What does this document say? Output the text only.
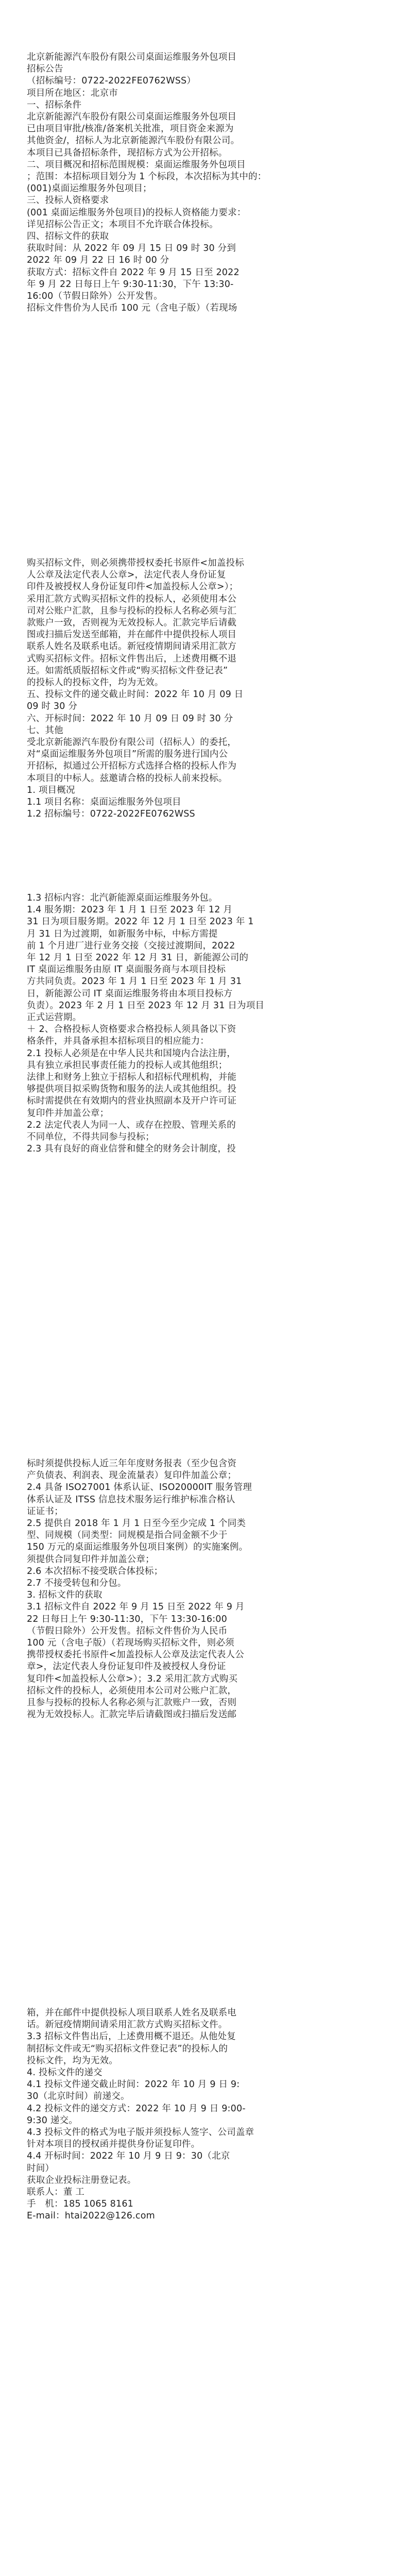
北京新能源汽车股份有限公司桌面运维服务外包项目
招标公告
（招标编号：0722-2022FE0762WSS）
项目所在地区：北京市
一、招标条件
北京新能源汽车股份有限公司桌面运维服务外包项目
已由项目审批/核准/备案机关批准，项目资金来源为
其他资金/，招标人为北京新能源汽车股份有限公司。
本项目已具备招标条件，现招标方式为公开招标。
二、项目概况和招标范围规模：桌面运维服务外包项目
；范围：本招标项目划分为 1 个标段，本次招标为其中的：
(001)桌面运维服务外包项目；
三、投标人资格要求
(001 桌面运维服务外包项目)的投标人资格能力要求：
详见招标公告正文；本项目不允许联合体投标。
四、招标文件的获取
获取时间：从 2022 年 09 月 15 日 09 时 30 分到
2022 年 09 月 22 日 16 时 00 分
获取方式：招标文件自 2022 年 9 月 15 日至 2022
年 9 月 22 日每日上午 9:30-11:30，下午 13:30-
16:00（节假日除外）公开发售。
招标文件售价为人民币 100 元（含电子版）（若现场
购买招标文件，则必须携带授权委托书原件<加盖投标
人公章及法定代表人公章>，法定代表人身份证复
印件及被授权人身份证复印件<加盖投标人公章>）；
采用汇款方式购买招标文件的投标人，必须使用本公
司对公账户汇款，且参与投标的投标人名称必须与汇
款账户一致，否则视为无效投标人。汇款完毕后请截
图或扫描后发送至邮箱，并在邮件中提供投标人项目
联系人姓名及联系电话。新冠疫情期间请采用汇款方
式购买招标文件。招标文件售出后，上述费用概不退
还。如需纸质版招标文件或“购买招标文件登记表”
的投标人的投标文件，均为无效。
五、投标文件的递交截止时间：2022 年 10 月 09 日
09 时 30 分
六、开标时间：2022 年 10 月 09 日 09 时 30 分
七、其他
受北京新能源汽车股份有限公司（招标人）的委托，
对“桌面运维服务外包项目”所需的服务进行国内公
开招标，拟通过公开招标方式选择合格的投标人作为
本项目的中标人。兹邀请合格的投标人前来投标。
1. 项目概况
1.1 项目名称：桌面运维服务外包项目
1.2 招标编号：0722-2022FE0762WSS
1.3 招标内容：北汽新能源桌面运维服务外包。
1.4 服务期：2023 年 1 月 1 日至 2023 年 12 月
31 日为项目服务期。2022 年 12 月 1 日至 2023 年 1
月 31 日为过渡期，如新服务中标，中标方需提
前 1 个月进厂进行业务交接（交接过渡期间，2022
年 12 月 1 日至 2022 年 12 月 31 日，新能源公司的
IT 桌面运维服务由原 IT 桌面服务商与本项目投标
方共同负责。2023 年 1 月 1 日至 2023 年 1 月 31
日，新能源公司 IT 桌面运维服务将由本项目投标方
负责）。2023 年 2 月 1 日至 2023 年 12 月 31 日为项目
正式运营期。
＋ 2、合格投标人资格要求合格投标人须具备以下资
格条件，并具备承担本招标项目的相应能力：
2.1 投标人必须是在中华人民共和国境内合法注册，
具有独立承担民事责任能力的投标人或其他组织；
法律上和财务上独立于招标人和招标代理机构，并能
够提供项目拟采购货物和服务的法人或其他组织。投
标时需提供在有效期内的营业执照副本及开户许可证
复印件并加盖公章；
2.2 法定代表人为同一人、或存在控股、管理关系的
不同单位，不得共同参与投标；
2.3 具有良好的商业信誉和健全的财务会计制度，投
标时须提供投标人近三年年度财务报表（至少包含资
产负债表、利润表、现金流量表）复印件加盖公章；
2.4 具备 ISO27001 体系认证、ISO20000IT 服务管理
体系认证及 ITSS 信息技术服务运行维护标准合格认
证证书；
2.5 提供自 2018 年 1 月 1 日至今至少完成 1 个同类
型、同规模（同类型：同规模是指合同金额不少于
150 万元的桌面运维服务外包项目案例）的实施案例。
须提供合同复印件并加盖公章；
2.6 本次招标不接受联合体投标；
2.7 不接受转包和分包。
3. 招标文件的获取
3.1 招标文件自 2022 年 9 月 15 日至 2022 年 9 月
22 日每日上午 9:30-11:30，下午 13:30-16:00
（节假日除外）公开发售。招标文件售价为人民币
100 元（含电子版）（若现场购买招标文件，则必须
携带授权委托书原件<加盖投标人公章及法定代表人公
章>，法定代表人身份证复印件及被授权人身份证
复印件<加盖投标人公章>）；3.2 采用汇款方式购买
招标文件的投标人，必须使用本公司对公账户汇款，
且参与投标的投标人名称必须与汇款账户一致，否则
视为无效投标人。汇款完毕后请截图或扫描后发送邮
箱，并在邮件中提供投标人项目联系人姓名及联系电
话。新冠疫情期间请采用汇款方式购买招标文件。
3.3 招标文件售出后，上述费用概不退还。从他处复
制招标文件或无“购买招标文件登记表”的投标人的
投标文件，均为无效。
4. 投标文件的递交
4.1 投标文件递交截止时间：2022 年 10 月 9 日 9:
30（北京时间）前递交。
4.2 投标文件的递交方式：2022 年 10 月 9 日 9:00-
9:30 递交。
4.3 投标文件的格式为电子版并须投标人签字、公司盖章
针对本项目的授权函并提供身份证复印件。
4.4 开标时间：2022 年 10 月 9 日 9：30（北京
时间）
获取企业投标注册登记表。
联系人：董 工
手　机：185 1065 8161
E-mail：htai2022@126.com
